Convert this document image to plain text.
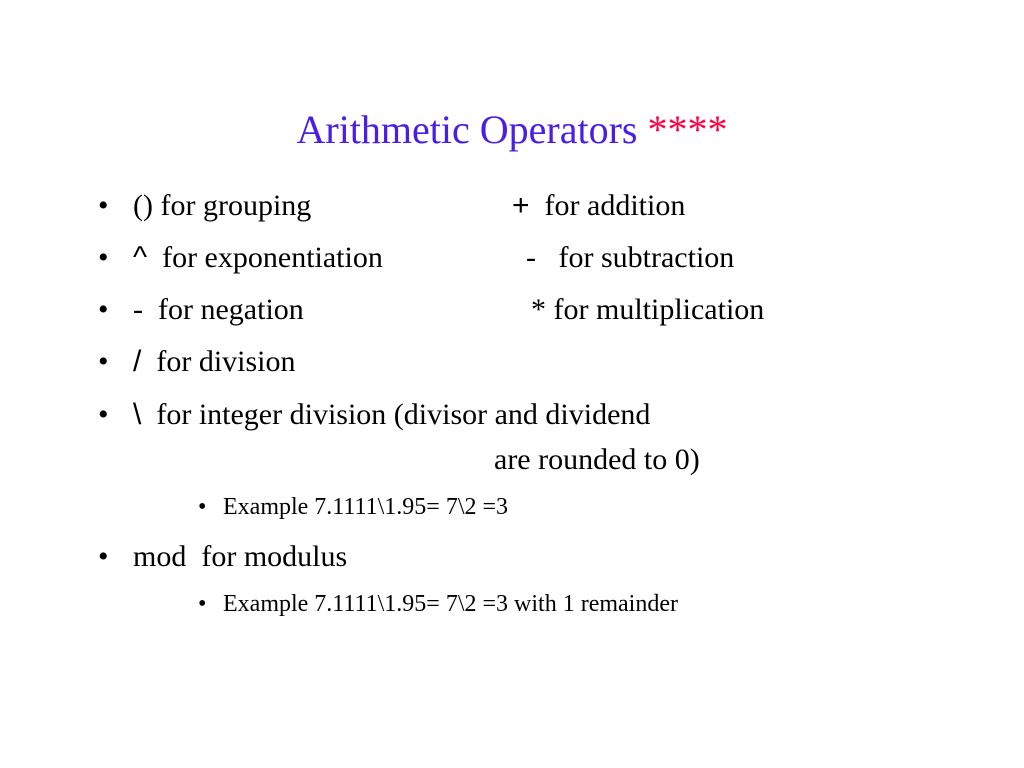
Arithmetic Operators ****
• () for grouping	+ for addition
• ^ for exponentiation	- for subtraction
• - for negation	* for multiplication
• / for division
• \ for integer division (divisor and dividend
are rounded to 0)
• Example 7.1111\1.95= 7\2 =3
• mod for modulus
• Example 7.1111\1.95= 7\2 =3 with 1 remainder
